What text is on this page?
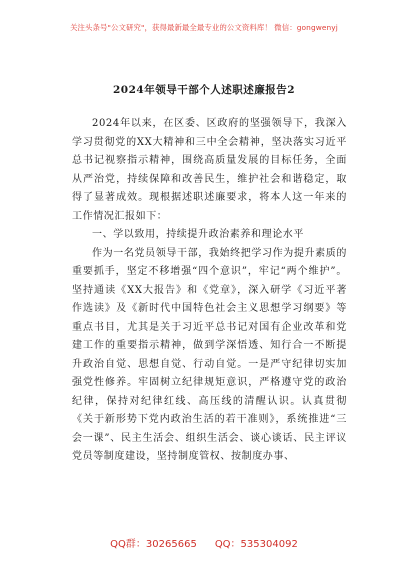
关注头条号"公文研究"，获得最新最全最专业的公文资料库！ 微信：gongwenyj
2024年领导干部个人述职述廉报告2

2024年以来，在区委、区政府的坚强领导下，我深入学习贯彻党的XX大精神和三中全会精神，坚决落实习近平总书记视察指示精神，围绕高质量发展的目标任务，全面从严治党，持续保障和改善民生，维护社会和谐稳定，取得了显著成效。现根据述职述廉要求，将本人这一年来的工作情况汇报如下：

一、学以致用，持续提升政治素养和理论水平

作为一名党员领导干部，我始终把学习作为提升素质的重要抓手，坚定不移增强“四个意识”，牢记“两个维护”。坚持通读《XX大报告》和《党章》，深入研学《习近平著作选读》及《新时代中国特色社会主义思想学习纲要》等重点书目，尤其是关于习近平总书记对国有企业改革和党建工作的重要指示精神，做到学深悟透、知行合一不断提升政治自觉、思想自觉、行动自觉。一是严守纪律切实加强党性修养。牢固树立纪律规矩意识，严格遵守党的政治纪律，保持对纪律红线、高压线的清醒认识。认真贯彻《关于新形势下党内政治生活的若干准则》，系统推进“三会一课”、民主生活会、组织生活会、谈心谈话、民主评议党员等制度建设，坚持制度管权、按制度办事、

QQ群：30265665 QQ：535304092
